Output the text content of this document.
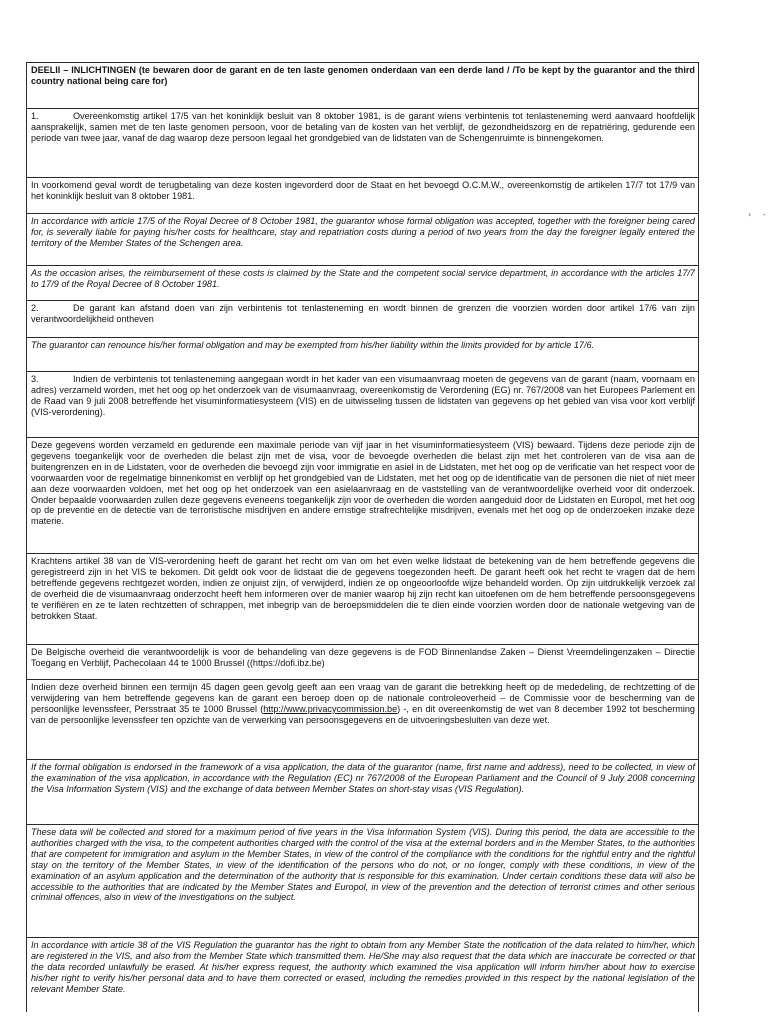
DEELII – INLICHTINGEN (te bewaren door de garant en de ten laste genomen onderdaan van een derde land / /To be kept by the guarantor and the third country national being care for)
1.	Overeenkomstig artikel 17/5 van het koninklijk besluit van 8 oktober 1981, is de garant wiens verbintenis tot tenlasteneming werd aanvaard hoofdelijk aansprakelijk, samen met de ten laste genomen persoon, voor de betaling van de kosten van het verblijf, de gezondheidszorg en de repatriëring, gedurende een periode van twee jaar, vanaf de dag waarop deze persoon legaal het grondgebied van de lidstaten van de Schengenruimte is binnengekomen.
In voorkomend geval wordt de terugbetaling van deze kosten ingevorderd door de Staat en het bevoegd O.C.M.W., overeenkomstig de artikelen 17/7 tot 17/9 van het koninklijk besluit van 8 oktober 1981.
In accordance with article 17/5 of the Royal Decree of 8 October 1981, the guarantor whose formal obligation was accepted, together with the foreigner being cared for, is severally liable for paying his/her costs for healthcare, stay and repatriation costs during a period of two years from the day the foreigner legally entered the territory of the Member States of the Schengen area.
As the occasion arises, the reimbursement of these costs is claimed by the State and the competent social service department, in accordance with the articles 17/7 to 17/9 of the Royal Decree of 8 October 1981.
2.	De garant kan afstand doen van zijn verbintenis tot tenlasteneming en wordt binnen de grenzen die voorzien worden door artikel 17/6 van zijn verantwoordelijkheid ontheven
The guarantor can renounce his/her formal obligation and may be exempted from his/her liability within the limits provided for by article 17/6.
3.	Indien de verbintenis tot tenlasteneming aangegaan wordt in het kader van een visumaanvraag moeten de gegevens van de garant (naam, voornaam en adres) verzameld worden, met het oog op het onderzoek van de visumaanvraag, overeenkomstig de Verordening (EG) nr. 767/2008 van het Europees Parlement en de Raad van 9 juli 2008 betreffende het visuminformatiesysteem (VIS) en de uitwisseling tussen de lidstaten van gegevens op het gebied van visa voor kort verblijf (VIS-verordening).
Deze gegevens worden verzameld en gedurende een maximale periode van vijf jaar in het visuminformatiesysteem (VIS) bewaard. Tijdens deze periode zijn de gegevens toegankelijk voor de overheden die belast zijn met de visa, voor de bevoegde overheden die belast zijn met het controleren van de visa aan de buitengrenzen en in de Lidstaten, voor de overheden die bevoegd zijn voor immigratie en asiel in de Lidstaten, met het oog op de verificatie van het respect voor de voorwaarden voor de regelmatige binnenkomst en verblijf op het grondgebied van de Lidstaten, met het oog op de identificatie van de personen die niet of niet meer aan deze voorwaarden voldoen, met het oog op het onderzoek van een asielaanvraag en de vaststelling van de verantwoordelijke overheid voor dit onderzoek. Onder bepaalde voorwaarden zullen deze gegevens eveneens toegankelijk zijn voor de overheden die worden aangeduid door de Lidstaten en Europol, met het oog op de preventie en de detectie van de terroristische misdrijven en andere ernstige strafrechtelijke misdrijven, evenals met het oog op de onderzoeken inzake deze materie.
Krachtens artikel 38 van de VIS-verordening heeft de garant het recht om van om het even welke lidstaat de betekening van de hem betreffende gegevens die geregistreerd zijn in het VIS te bekomen. Dit geldt ook voor de lidstaat die de gegevens toegezonden heeft. De garant heeft ook het recht te vragen dat de hem betreffende gegevens rechtgezet worden, indien ze onjuist zijn, of verwijderd, indien ze op ongeoorloofde wijze behandeld worden. Op zijn uitdrukkelijk verzoek zal de overheid die de visumaanvraag onderzocht heeft hem informeren over de manier waarop hij zijn recht kan uitoefenen om de hem betreffende persoonsgegevens te verifiëren en ze te laten rechtzetten of schrappen, met inbegrip van de beroepsmiddelen die te dien einde voorzien worden door de nationale wetgeving van de betrokken Staat.
De Belgische overheid die verantwoordelijk is voor de behandeling van deze gegevens is de FOD Binnenlandse Zaken – Dienst Vreemdelingenzaken – Directie Toegang en Verblijf, Pachecolaan 44 te 1000 Brussel ((https://dofi.ibz.be)
Indien deze overheid binnen een termijn 45 dagen geen gevolg geeft aan een vraag van de garant die betrekking heeft op de mededeling, de rechtzetting of de verwijdering van hem betreffende gegevens kan de garant een beroep doen op de nationale controleoverheid – de Commissie voor de bescherming van de persoonlijke levenssfeer, Persstraat 35 te 1000 Brussel (http://www.privacycommission.be) -, en dit overeenkomstig de wet van 8 december 1992 tot bescherming van de persoonlijke levenssfeer ten opzichte van de verwerking van persoonsgegevens en de uitvoeringsbesluiten van deze wet.
If the formal obligation is endorsed in the framework of a visa application, the data of the guarantor (name, first name and address), need to be collected, in view of the examination of the visa application, in accordance with the Regulation (EC) nr 767/2008 of the European Parliament and the Council of 9 July 2008 concerning the Visa Information System (VIS) and the exchange of data between Member States on short-stay visas (VIS Regulation).
These data will be collected and stored for a maximum period of five years in the Visa Information System (VIS). During this period, the data are accessible to the authorities charged with the visa, to the competent authorities charged with the control of the visa at the external borders and in the Member States, to the authorities that are competent for immigration and asylum in the Member States, in view of the control of the compliance with the conditions for the rightful entry and the rightful stay on the territory of the Member States, in view of the identification of the persons who do not, or no longer, comply with these conditions, in view of the examination of an asylum application and the determination of the authority that is responsible for this examination. Under certain conditions these data will also be accessible to the authorities that are indicated by the Member States and Europol, in view of the prevention and the detection of terrorist crimes and other serious criminal offences, also in view of the investigations on the subject.
In accordance with article 38 of the VIS Regulation the guarantor has the right to obtain from any Member State the notification of the data related to him/her, which are registered in the VIS, and also from the Member State which transmitted them. He/She may also request that the data which are inaccurate be corrected or that the data recorded unlawfully be erased. At his/her express request, the authority which examined the visa application will inform him/her about how to exercise his/her right to verify his/her personal data and to have them corrected or erased, including the remedies provided in this respect by the national legislation of the relevant Member State.
› -
